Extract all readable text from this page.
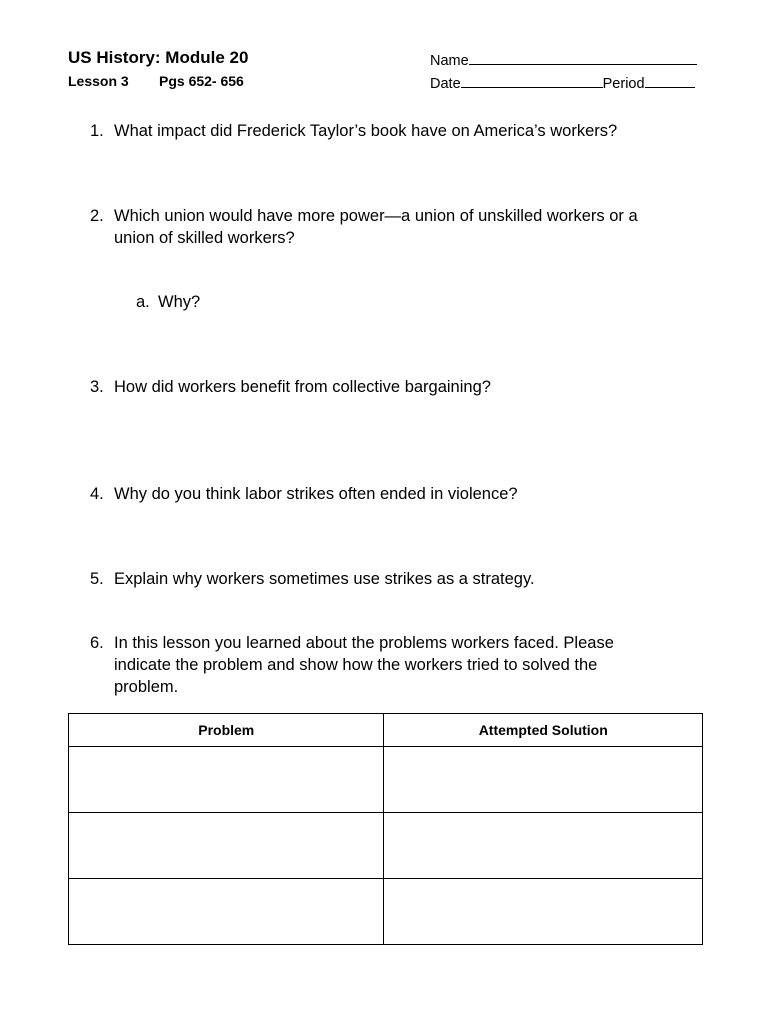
US History: Module 20
Lesson 3 Pgs 652- 656
Name
Date	Period
1. What impact did Frederick Taylor’s book have on America’s workers?
2. Which union would have more power—a union of unskilled workers or a
union of skilled workers?
a. Why?
3. How did workers benefit from collective bargaining?
4. Why do you think labor strikes often ended in violence?
5. Explain why workers sometimes use strikes as a strategy.
6. In this lesson you learned about the problems workers faced. Please
indicate the problem and show how the workers tried to solved the
problem.
Problem	Attempted Solution
